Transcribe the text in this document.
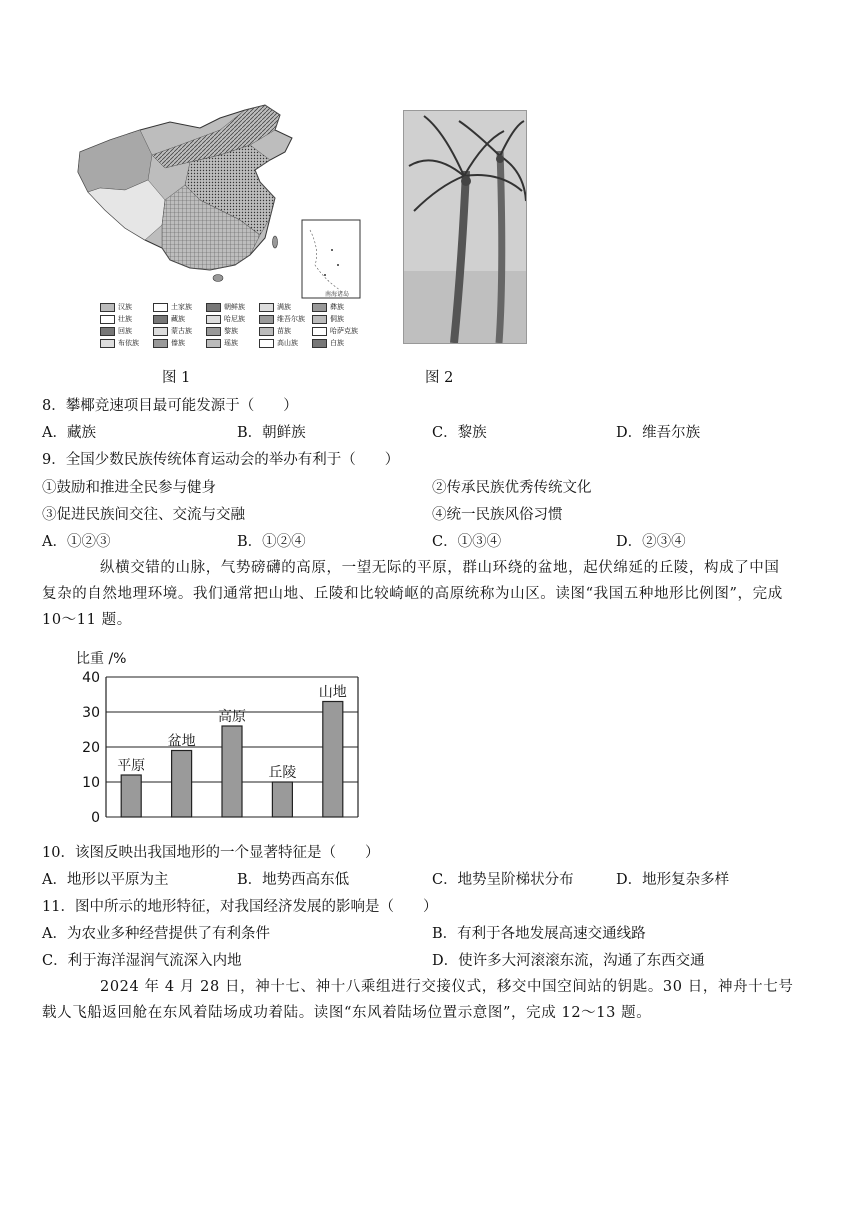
南海诸岛
汉族	土家族	朝鲜族	满族	彝族
壮族	藏族	哈尼族	维吾尔族	侗族
回族	蒙古族	黎族	苗族	哈萨克族
布依族	傣族	瑶族	高山族	白族
图 1	图 2
8．攀椰竞速项目最可能发源于（　　）
A．藏族	B．朝鲜族	C．黎族	D．维吾尔族
9．全国少数民族传统体育运动会的举办有利于（　　）
①鼓励和推进全民参与健身	②传承民族优秀传统文化
③促进民族间交往、交流与交融	④统一民族风俗习惯
A．①②③	B．①②④	C．①③④	D．②③④
纵横交错的山脉，气势磅礴的高原，一望无际的平原，群山环绕的盆地，起伏绵延的丘陵，构成了中国复杂的自然地理环境。我们通常把山地、丘陵和比较崎岖的高原统称为山区。读图“我国五种地形比例图”，完成 10～11 题。
比重 /%
0
10
20
30
40
平原
盆地
高原
丘陵
山地
10．该图反映出我国地形的一个显著特征是（　　）
A．地形以平原为主	B．地势西高东低	C．地势呈阶梯状分布	D．地形复杂多样
11．图中所示的地形特征，对我国经济发展的影响是（　　）
A．为农业多种经营提供了有利条件	B．有利于各地发展高速交通线路
C．利于海洋湿润气流深入内地	D．使许多大河滚滚东流，沟通了东西交通
2024 年 4 月 28 日，神十七、神十八乘组进行交接仪式，移交中国空间站的钥匙。30 日，神舟十七号载人飞船返回舱在东风着陆场成功着陆。读图“东风着陆场位置示意图”，完成 12～13 题。
